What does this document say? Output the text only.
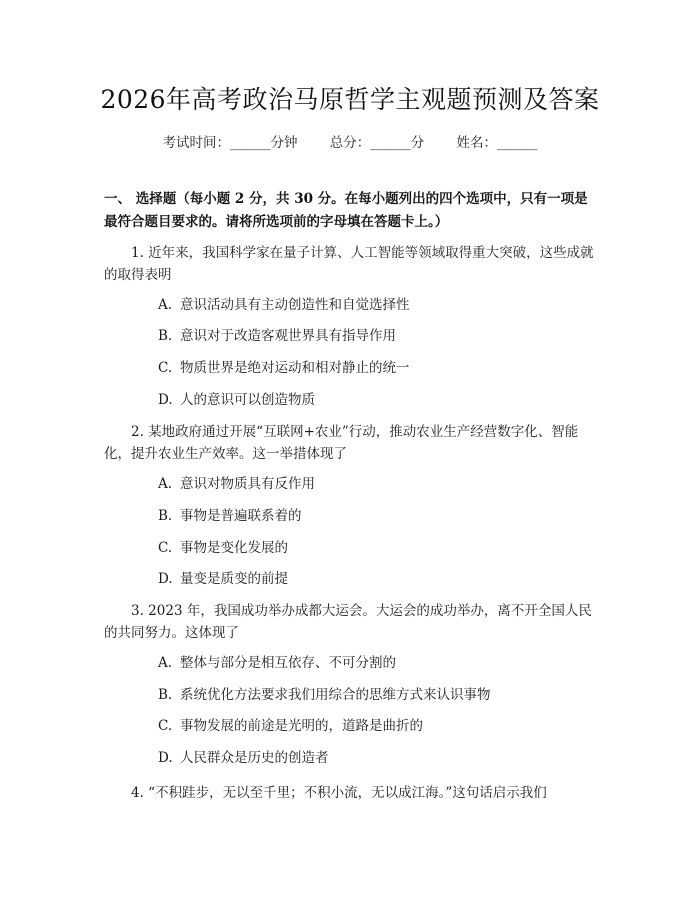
2026年高考政治马原哲学主观题预测及答案
考试时间：______分钟 总分：______分 姓名：______
一、 选择题（每小题 2 分，共 30 分。在每小题列出的四个选项中，只有一项是最符合题目要求的。请将所选项前的字母填在答题卡上。）
1. 近年来，我国科学家在量子计算、人工智能等领域取得重大突破，这些成就的取得表明
A. 意识活动具有主动创造性和自觉选择性
B. 意识对于改造客观世界具有指导作用
C. 物质世界是绝对运动和相对静止的统一
D. 人的意识可以创造物质
2. 某地政府通过开展“互联网+农业”行动，推动农业生产经营数字化、智能化，提升农业生产效率。这一举措体现了
A. 意识对物质具有反作用
B. 事物是普遍联系着的
C. 事物是变化发展的
D. 量变是质变的前提
3. 2023 年，我国成功举办成都大运会。大运会的成功举办，离不开全国人民的共同努力。这体现了
A. 整体与部分是相互依存、不可分割的
B. 系统优化方法要求我们用综合的思维方式来认识事物
C. 事物发展的前途是光明的，道路是曲折的
D. 人民群众是历史的创造者
4. “不积跬步，无以至千里；不积小流，无以成江海。”这句话启示我们
